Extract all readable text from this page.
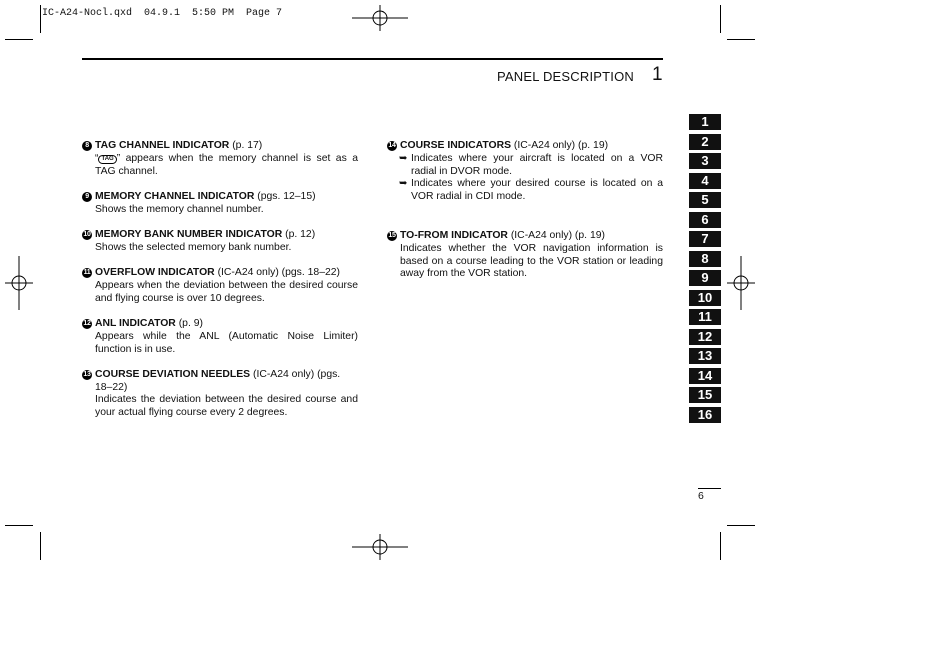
IC-A24-Nocl.qxd  04.9.1  5:50 PM  Page 7
PANEL DESCRIPTION 1
8 TAG CHANNEL INDICATOR (p. 17)
“ TAG ” appears when the memory channel is set as a TAG channel.
9 MEMORY CHANNEL INDICATOR (pgs. 12–15)
Shows the memory channel number.
10 MEMORY BANK NUMBER INDICATOR (p. 12)
Shows the selected memory bank number.
11 OVERFLOW INDICATOR (IC-A24 only) (pgs. 18–22)
Appears when the deviation between the desired course and flying course is over 10 degrees.
12 ANL INDICATOR (p. 9)
Appears while the ANL (Automatic Noise Limiter) function is in use.
13 COURSE DEVIATION NEEDLES (IC-A24 only) (pgs. 18–22)
Indicates the deviation between the desired course and your actual flying course every 2 degrees.
14 COURSE INDICATORS (IC-A24 only) (p. 19)
➥ Indicates where your aircraft is located on a VOR radial in DVOR mode.
➥ Indicates where your desired course is located on a VOR radial in CDI mode.
15 TO-FROM INDICATOR (IC-A24 only) (p. 19)
Indicates whether the VOR navigation information is based on a course leading to the VOR station or leading away from the VOR station.
1
2
3
4
5
6
7
8
9
10
11
12
13
14
15
16
6
